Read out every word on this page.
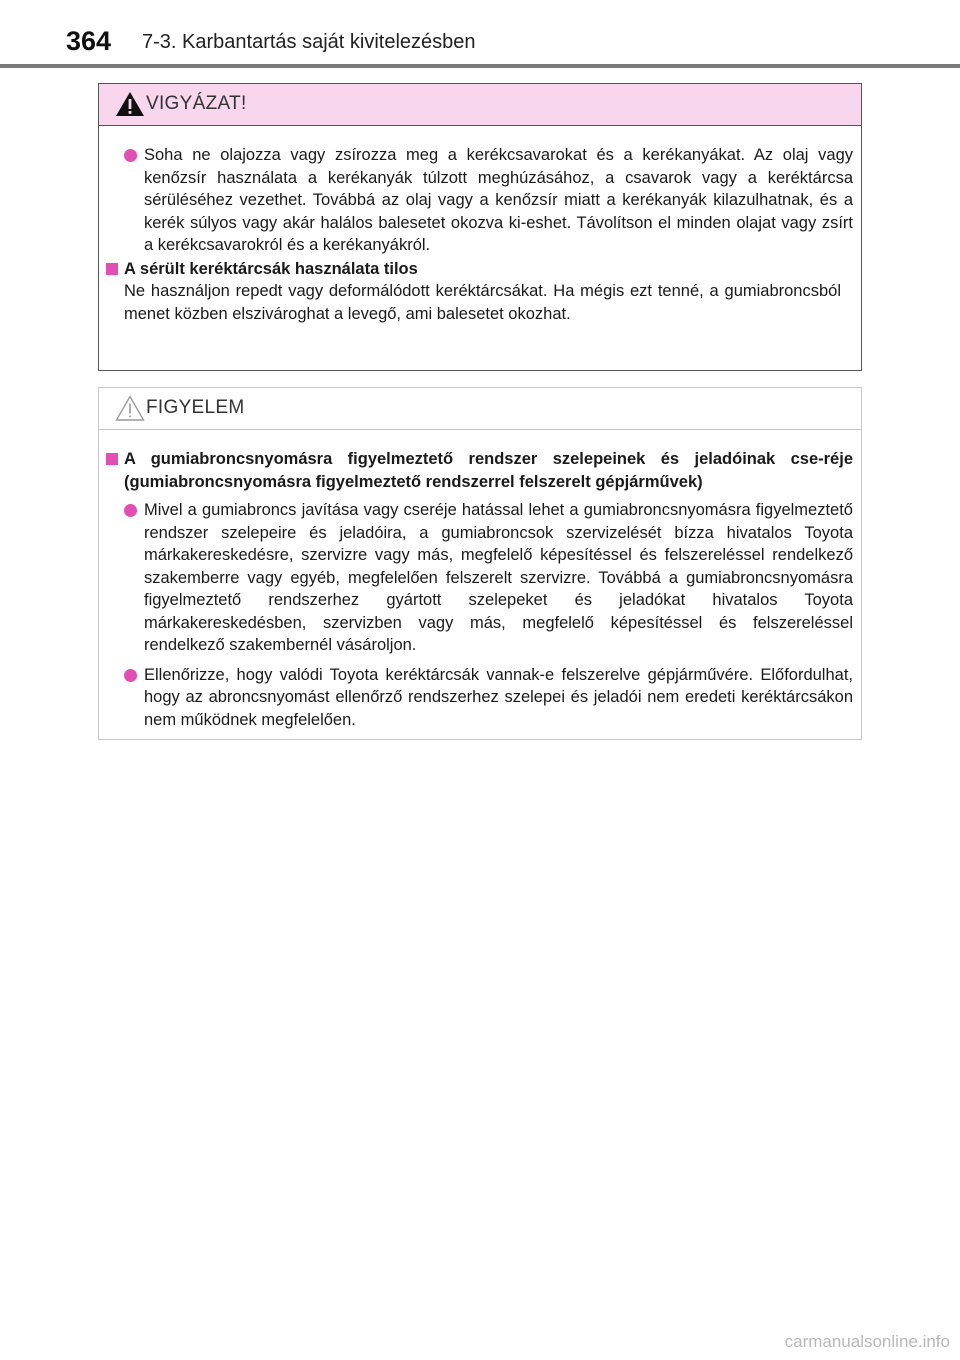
364 7-3. Karbantartás saját kivitelezésben
VIGYÁZAT!
Soha ne olajozza vagy zsírozza meg a kerékcsavarokat és a kerékanyákat. Az olaj vagy kenőzsír használata a kerékanyák túlzott meghúzásához, a csavarok vagy a keréktárcsa sérüléséhez vezethet. Továbbá az olaj vagy a kenőzsír miatt a kerékanyák kilazulhatnak, és a kerék súlyos vagy akár halálos balesetet okozva ki-eshet. Távolítson el minden olajat vagy zsírt a kerékcsavarokról és a kerékanyákról.
A sérült keréktárcsák használata tilos
Ne használjon repedt vagy deformálódott keréktárcsákat. Ha mégis ezt tenné, a gumiabroncsból menet közben elszivároghat a levegő, ami balesetet okozhat.
FIGYELEM
A gumiabroncsnyomásra figyelmeztető rendszer szelepeinek és jeladóinak cse-réje (gumiabroncsnyomásra figyelmeztető rendszerrel felszerelt gépjárművek)
Mivel a gumiabroncs javítása vagy cseréje hatással lehet a gumiabroncsnyomásra figyelmeztető rendszer szelepeire és jeladóira, a gumiabroncsok szervizelését bízza hivatalos Toyota márkakereskedésre, szervizre vagy más, megfelelő képesítéssel és felszereléssel rendelkező szakemberre vagy egyéb, megfelelően felszerelt szervizre. Továbbá a gumiabroncsnyomásra figyelmeztető rendszerhez gyártott szelepeket és jeladókat hivatalos Toyota márkakereskedésben, szervizben vagy más, megfelelő képesítéssel és felszereléssel rendelkező szakembernél vásároljon.
Ellenőrizze, hogy valódi Toyota keréktárcsák vannak-e felszerelve gépjárművére. Előfordulhat, hogy az abroncsnyomást ellenőrző rendszerhez szelepei és jeladói nem eredeti keréktárcsákon nem működnek megfelelően.
carmanualsonline.info
